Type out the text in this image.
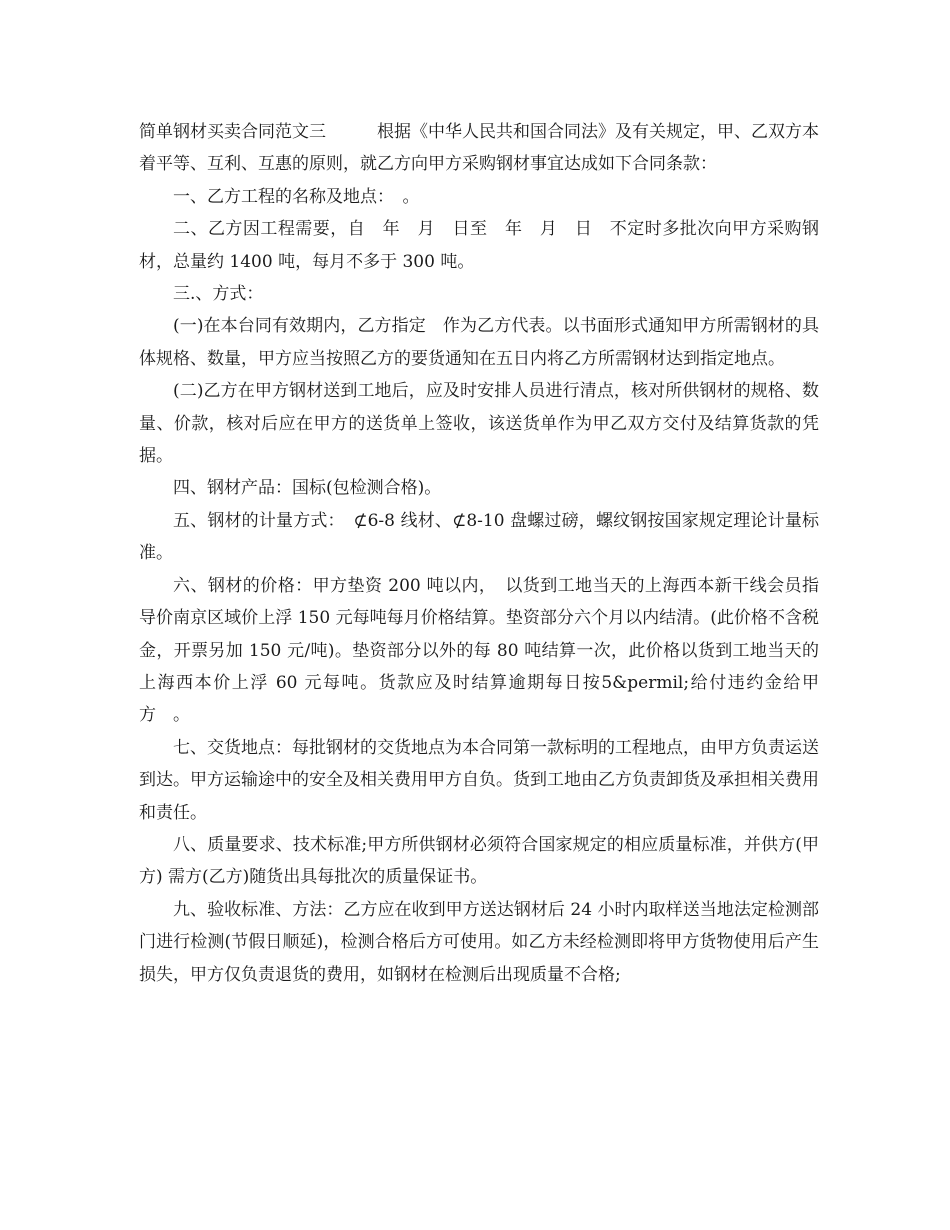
简单钢材买卖合同范文三　　　	根据《中华人民共和国合同法》及有关规定，甲、乙双方本着平等、互利、互惠的原则，就乙方向甲方采购钢材事宜达成如下合同条款：

一、乙方工程的名称及地点：　。

二、乙方因工程需要，自　年　月　日至　年　月　日　不定时多批次向甲方采购钢材，总量约 1400 吨，每月不多于 300 吨。

三.、方式：

(一)在本台同有效期内，乙方指定　作为乙方代表。以书面形式通知甲方所需钢材的具体规格、数量，甲方应当按照乙方的要货通知在五日内将乙方所需钢材达到指定地点。

(二)乙方在甲方钢材送到工地后，应及时安排人员进行清点，核对所供钢材的规格、数量、价款，核对后应在甲方的送货单上签收，该送货单作为甲乙双方交付及结算货款的凭据。

四、钢材产品：国标(包检测合格)。

五、钢材的计量方式：　⊄6-8 线材、⊄8-10 盘螺过磅，螺纹钢按国家规定理论计量标准。

六、钢材的价格：甲方垫资 200 吨以内，　以货到工地当天的上海西本新干线会员指导价南京区域价上浮 150 元每吨每月价格结算。垫资部分六个月以内结清。(此价格不含税金，开票另加 150 元/吨)。垫资部分以外的每 80 吨结算一次，此价格以货到工地当天的上海西本价上浮 60 元每吨。货款应及时结算逾期每日按5&permil;给付违约金给甲方　。

七、交货地点：每批钢材的交货地点为本合同第一款标明的工程地点，由甲方负责运送到达。甲方运输途中的安全及相关费用甲方自负。货到工地由乙方负责卸货及承担相关费用和责任。

八、质量要求、技术标准;甲方所供钢材必须符合国家规定的相应质量标准，并供方(甲方) 需方(乙方)随货出具每批次的质量保证书。

九、验收标准、方法：乙方应在收到甲方送达钢材后 24 小时内取样送当地法定检测部门进行检测(节假日顺延)，检测合格后方可使用。如乙方未经检测即将甲方货物使用后产生损失，甲方仅负责退货的费用，如钢材在检测后出现质量不合格;
